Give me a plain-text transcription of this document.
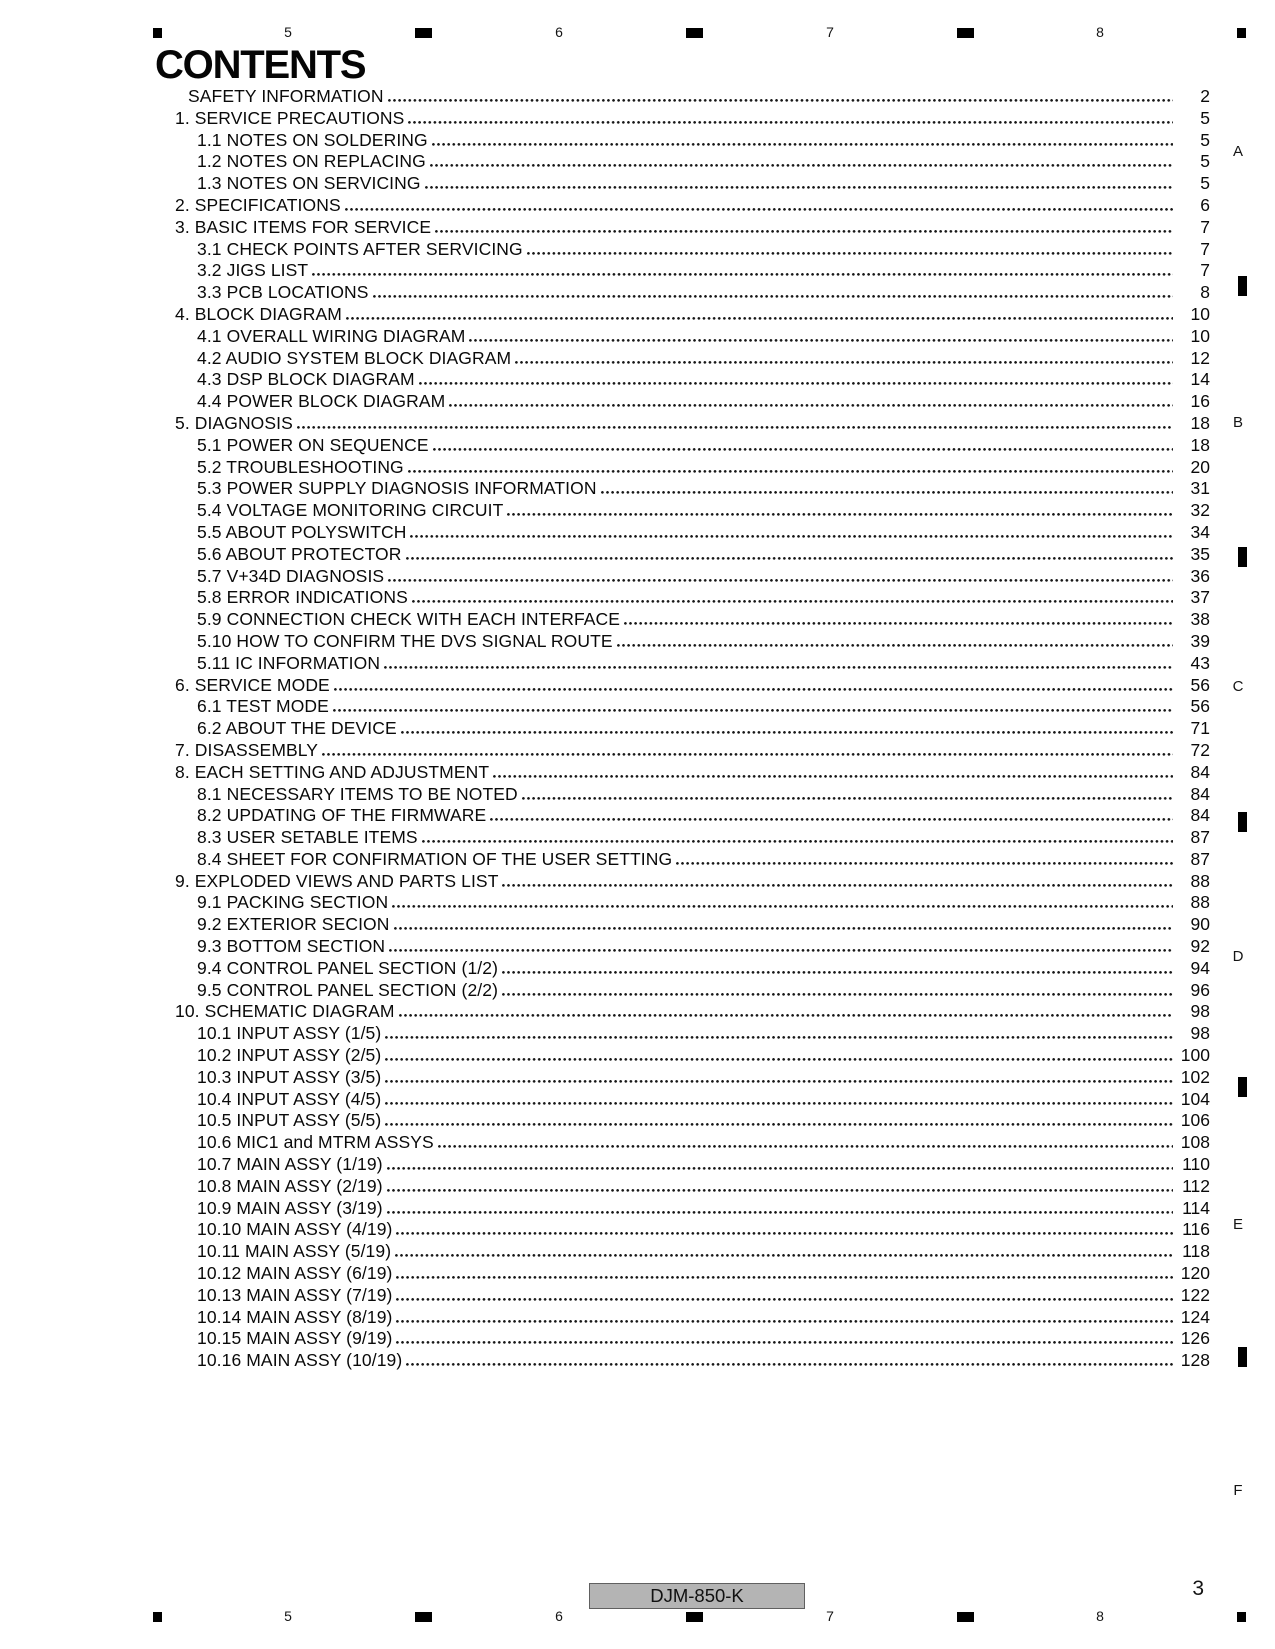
5	6	7	8
A
B
C
D
E
F
CONTENTS
SAFETY INFORMATION	2
1. SERVICE PRECAUTIONS	5
1.1 NOTES ON SOLDERING	5
1.2 NOTES ON REPLACING	5
1.3 NOTES ON SERVICING	5
2. SPECIFICATIONS	6
3. BASIC ITEMS FOR SERVICE	7
3.1 CHECK POINTS AFTER SERVICING	7
3.2 JIGS LIST	7
3.3 PCB LOCATIONS	8
4. BLOCK DIAGRAM	10
4.1 OVERALL WIRING DIAGRAM	10
4.2 AUDIO SYSTEM BLOCK DIAGRAM	12
4.3 DSP BLOCK DIAGRAM	14
4.4 POWER BLOCK DIAGRAM	16
5. DIAGNOSIS	18
5.1 POWER ON SEQUENCE	18
5.2 TROUBLESHOOTING	20
5.3 POWER SUPPLY DIAGNOSIS INFORMATION	31
5.4 VOLTAGE MONITORING CIRCUIT	32
5.5 ABOUT POLYSWITCH	34
5.6 ABOUT PROTECTOR	35
5.7 V+34D DIAGNOSIS	36
5.8 ERROR INDICATIONS	37
5.9 CONNECTION CHECK WITH EACH INTERFACE	38
5.10 HOW TO CONFIRM THE DVS SIGNAL ROUTE	39
5.11 IC INFORMATION	43
6. SERVICE MODE	56
6.1 TEST MODE	56
6.2 ABOUT THE DEVICE	71
7. DISASSEMBLY	72
8. EACH SETTING AND ADJUSTMENT	84
8.1 NECESSARY ITEMS TO BE NOTED	84
8.2 UPDATING OF THE FIRMWARE	84
8.3 USER SETABLE ITEMS	87
8.4 SHEET FOR CONFIRMATION OF THE USER SETTING	87
9. EXPLODED VIEWS AND PARTS LIST	88
9.1 PACKING SECTION	88
9.2 EXTERIOR SECION	90
9.3 BOTTOM SECTION	92
9.4 CONTROL PANEL SECTION (1/2)	94
9.5 CONTROL PANEL SECTION (2/2)	96
10. SCHEMATIC DIAGRAM	98
10.1 INPUT ASSY (1/5)	98
10.2 INPUT ASSY (2/5)	100
10.3 INPUT ASSY (3/5)	102
10.4 INPUT ASSY (4/5)	104
10.5 INPUT ASSY (5/5)	106
10.6 MIC1 and MTRM ASSYS	108
10.7 MAIN ASSY (1/19)	110
10.8 MAIN ASSY (2/19)	112
10.9 MAIN ASSY (3/19)	114
10.10 MAIN ASSY (4/19)	116
10.11 MAIN ASSY (5/19)	118
10.12 MAIN ASSY (6/19)	120
10.13 MAIN ASSY (7/19)	122
10.14 MAIN ASSY (8/19)	124
10.15 MAIN ASSY (9/19)	126
10.16 MAIN ASSY (10/19)	128
DJM-850-K	3
5	6	7	8
